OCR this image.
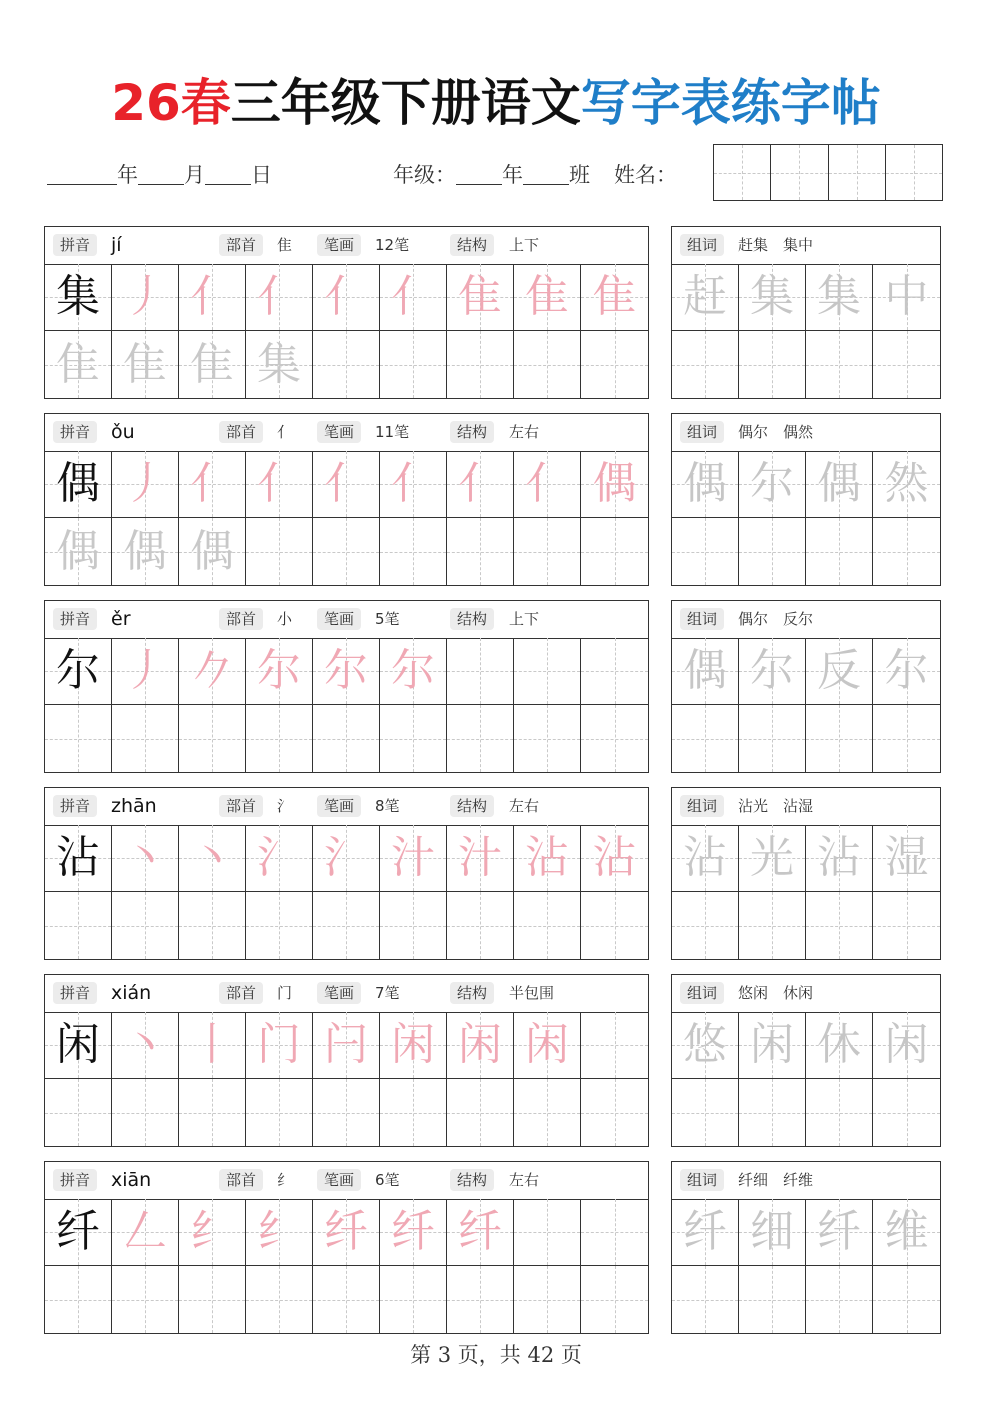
26春三年级下册语文写字表练字帖
年 月 日	年级： 年 班 姓名：
拼音	jí	部首	隹	笔画	12笔	结构	上下
集 丿 亻 亻 亻 亻 隹 隹 隹
隹 隹 隹 集
组词	赶集　集中
赶 集 集 中
拼音	ǒu	部首	亻	笔画	11笔	结构	左右
偶 丿 亻 亻 亻 亻 亻 亻 偶
偶 偶 偶
组词	偶尔　偶然
偶 尔 偶 然
拼音	ěr	部首	小	笔画	5笔	结构	上下
尔 丿 𠂊 尔 尔 尔
组词	偶尔　反尔
偶 尔 反 尔
拼音	zhān	部首	氵	笔画	8笔	结构	左右
沾 丶 丶 氵 氵 汁 汁 沾 沾
组词	沾光　沾湿
沾 光 沾 湿
拼音	xián	部首	门	笔画	7笔	结构	半包围
闲 丶 丨 门 闩 闲 闲 闲
组词	悠闲　休闲
悠 闲 休 闲
拼音	xiān	部首	纟	笔画	6笔	结构	左右
纤 𠃋 纟 纟 纤 纤 纤
组词	纤细　纤维
纤 细 纤 维
第 3 页，共 42 页
